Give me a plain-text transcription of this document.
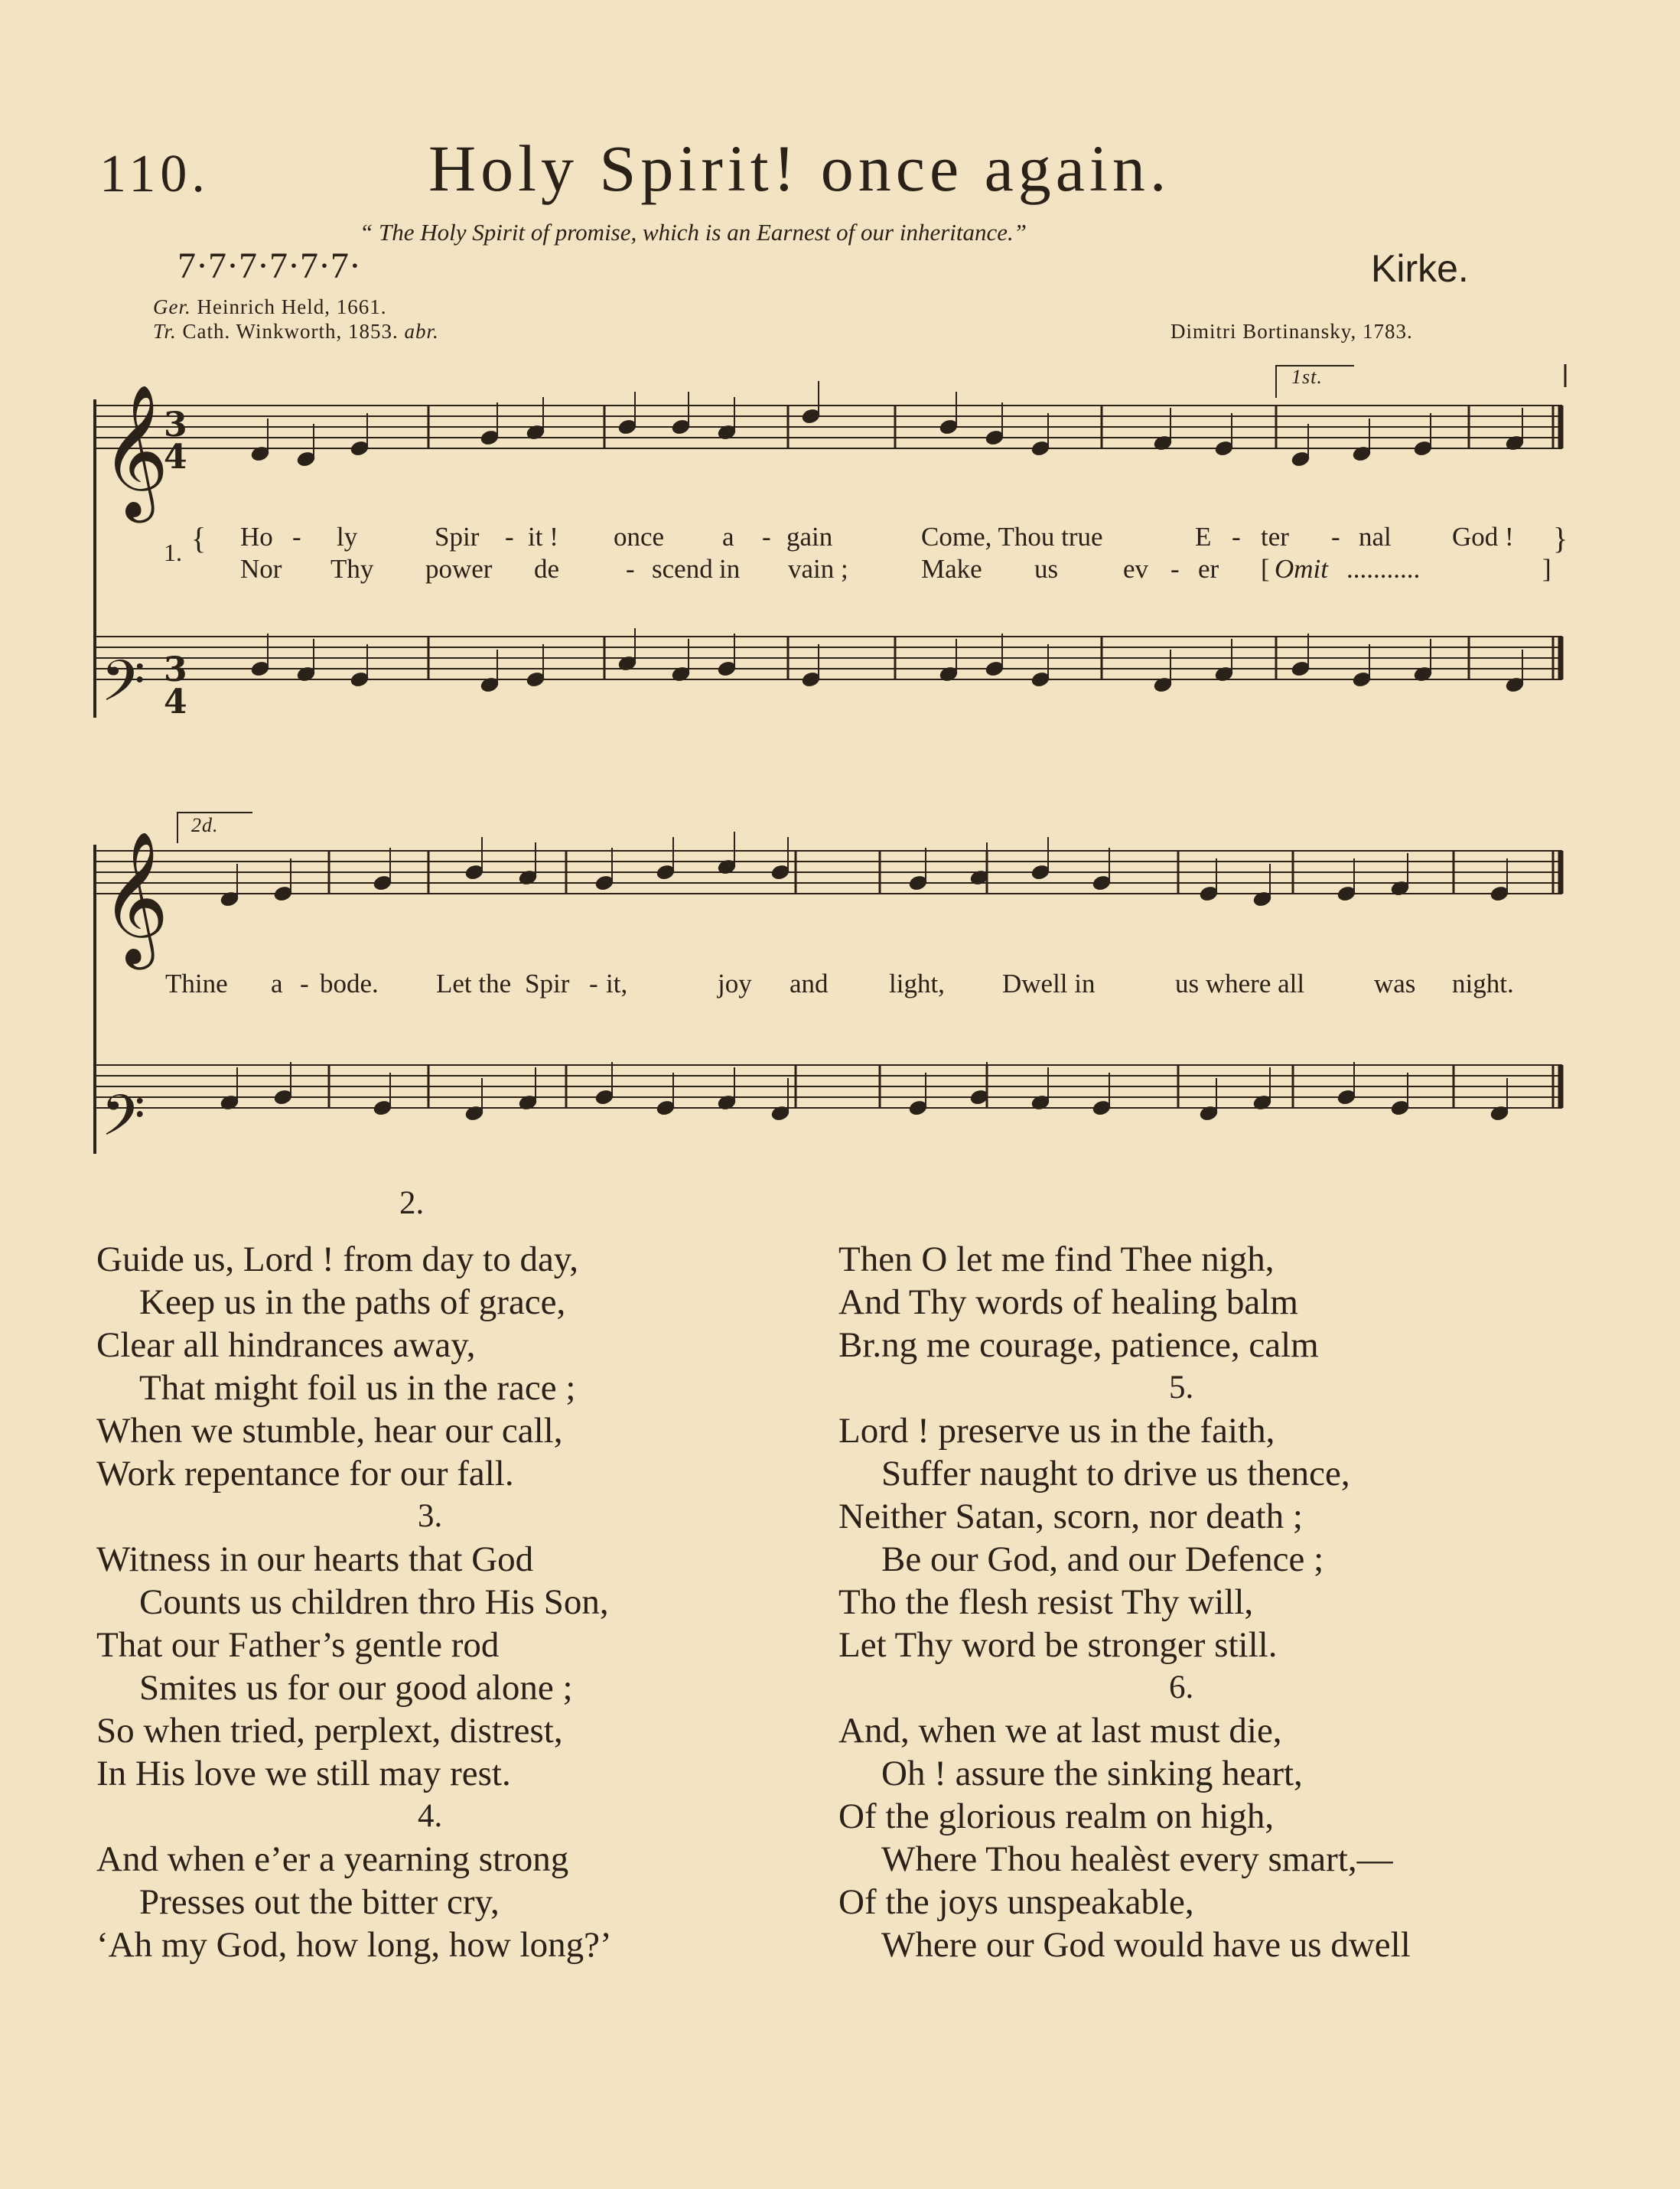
110.	Holy Spirit! once again.
“ The Holy Spirit of promise, which is an Earnest of our inheritance.”
7·7·7·7·7·7·	Kirke.
Ger. Heinrich Held, 1661.
Tr. Cath. Winkworth, 1853. abr.	Dimitri Bortinansky, 1783.
𝄞
𝄢
3
4
3
4
𝄞
𝄢
1st.
2d.
1. {	}
Ho - ly	Spir - it ! once a - gain	Come, Thou true	E - ter - nal God !
Nor Thy power de - scend in vain ;	Make us ev - er [ Omit ...........	]
Thine a - bode. Let the Spir - it,	joy and light, Dwell in	us where all	was night.
2.
Guide us, Lord ! from day to day,
Keep us in the paths of grace,
Clear all hindrances away,
That might foil us in the race ;
When we stumble, hear our call,
Work repentance for our fall.
3.
Witness in our hearts that God
Counts us children thro His Son,
That our Father’s gentle rod
Smites us for our good alone ;
So when tried, perplext, distrest,
In His love we still may rest.
4.
And when e’er a yearning strong
Presses out the bitter cry,
‘Ah my God, how long, how long?’
Then O let me find Thee nigh,
And Thy words of healing balm
Br.ng me courage, patience, calm
5.
Lord ! preserve us in the faith,
Suffer naught to drive us thence,
Neither Satan, scorn, nor death ;
Be our God, and our Defence ;
Tho the flesh resist Thy will,
Let Thy word be stronger still.
6.
And, when we at last must die,
Oh ! assure the sinking heart,
Of the glorious realm on high,
Where Thou healèst every smart,—
Of the joys unspeakable,
Where our God would have us dwell
